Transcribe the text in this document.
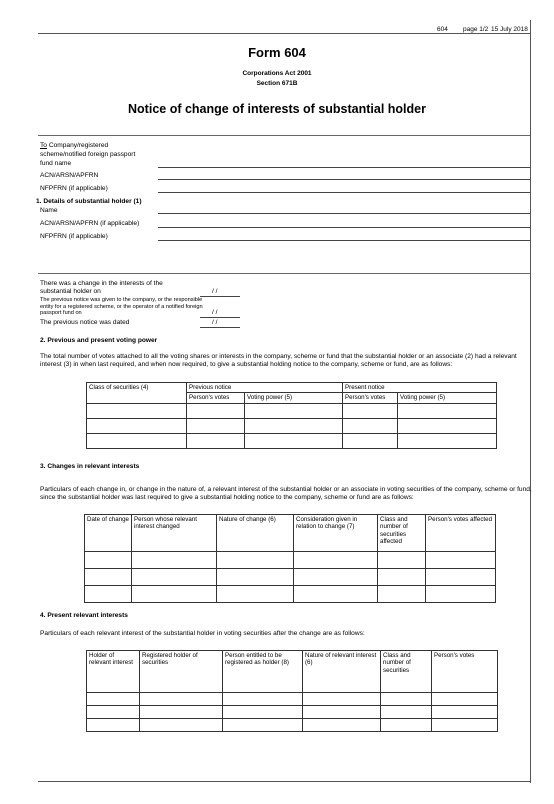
604 page 1/2 15 July 2018
Form 604
Corporations Act 2001
Section 671B
Notice of change of interests of substantial holder
To Company/registered
scheme/notified foreign passport
fund name
ACN/ARSN/APFRN
NFPFRN (if applicable)
1. Details of substantial holder (1)
Name
ACN/ARSN/APFRN (if applicable)
NFPFRN (if applicable)
There was a change in the interests of the
substantial holder on	/ /
The previous notice was given to the company, or the responsible
entity for a registered scheme, or the operator of a notified foreign
passport fund on	/ /
The previous notice was dated	/ /
2. Previous and present voting power
The total number of votes attached to all the voting shares or interests in the company, scheme or fund that the substantial holder or an associate (2) had a relevant interest (3) in when last required, and when now required, to give a substantial holding notice to the company, scheme or fund, are as follows:
Class of securities (4)	Previous notice		Present notice	
	Person's votes	Voting power (5)	Person's votes	Voting power (5)

3. Changes in relevant interests
Particulars of each change in, or change in the nature of, a relevant interest of the substantial holder or an associate in voting securities of the company, scheme or fund, since the substantial holder was last required to give a substantial holding notice to the company, scheme or fund are as follows:
Date of change	Person whose relevant interest changed	Nature of change (6)	Consideration given in relation to change (7)	Class and number of securities affected	Person's votes affected

4. Present relevant interests
Particulars of each relevant interest of the substantial holder in voting securities after the change are as follows:
Holder of relevant interest	Registered holder of securities	Person entitled to be registered as holder (8)	Nature of relevant interest (6)	Class and number of securities	Person's votes
